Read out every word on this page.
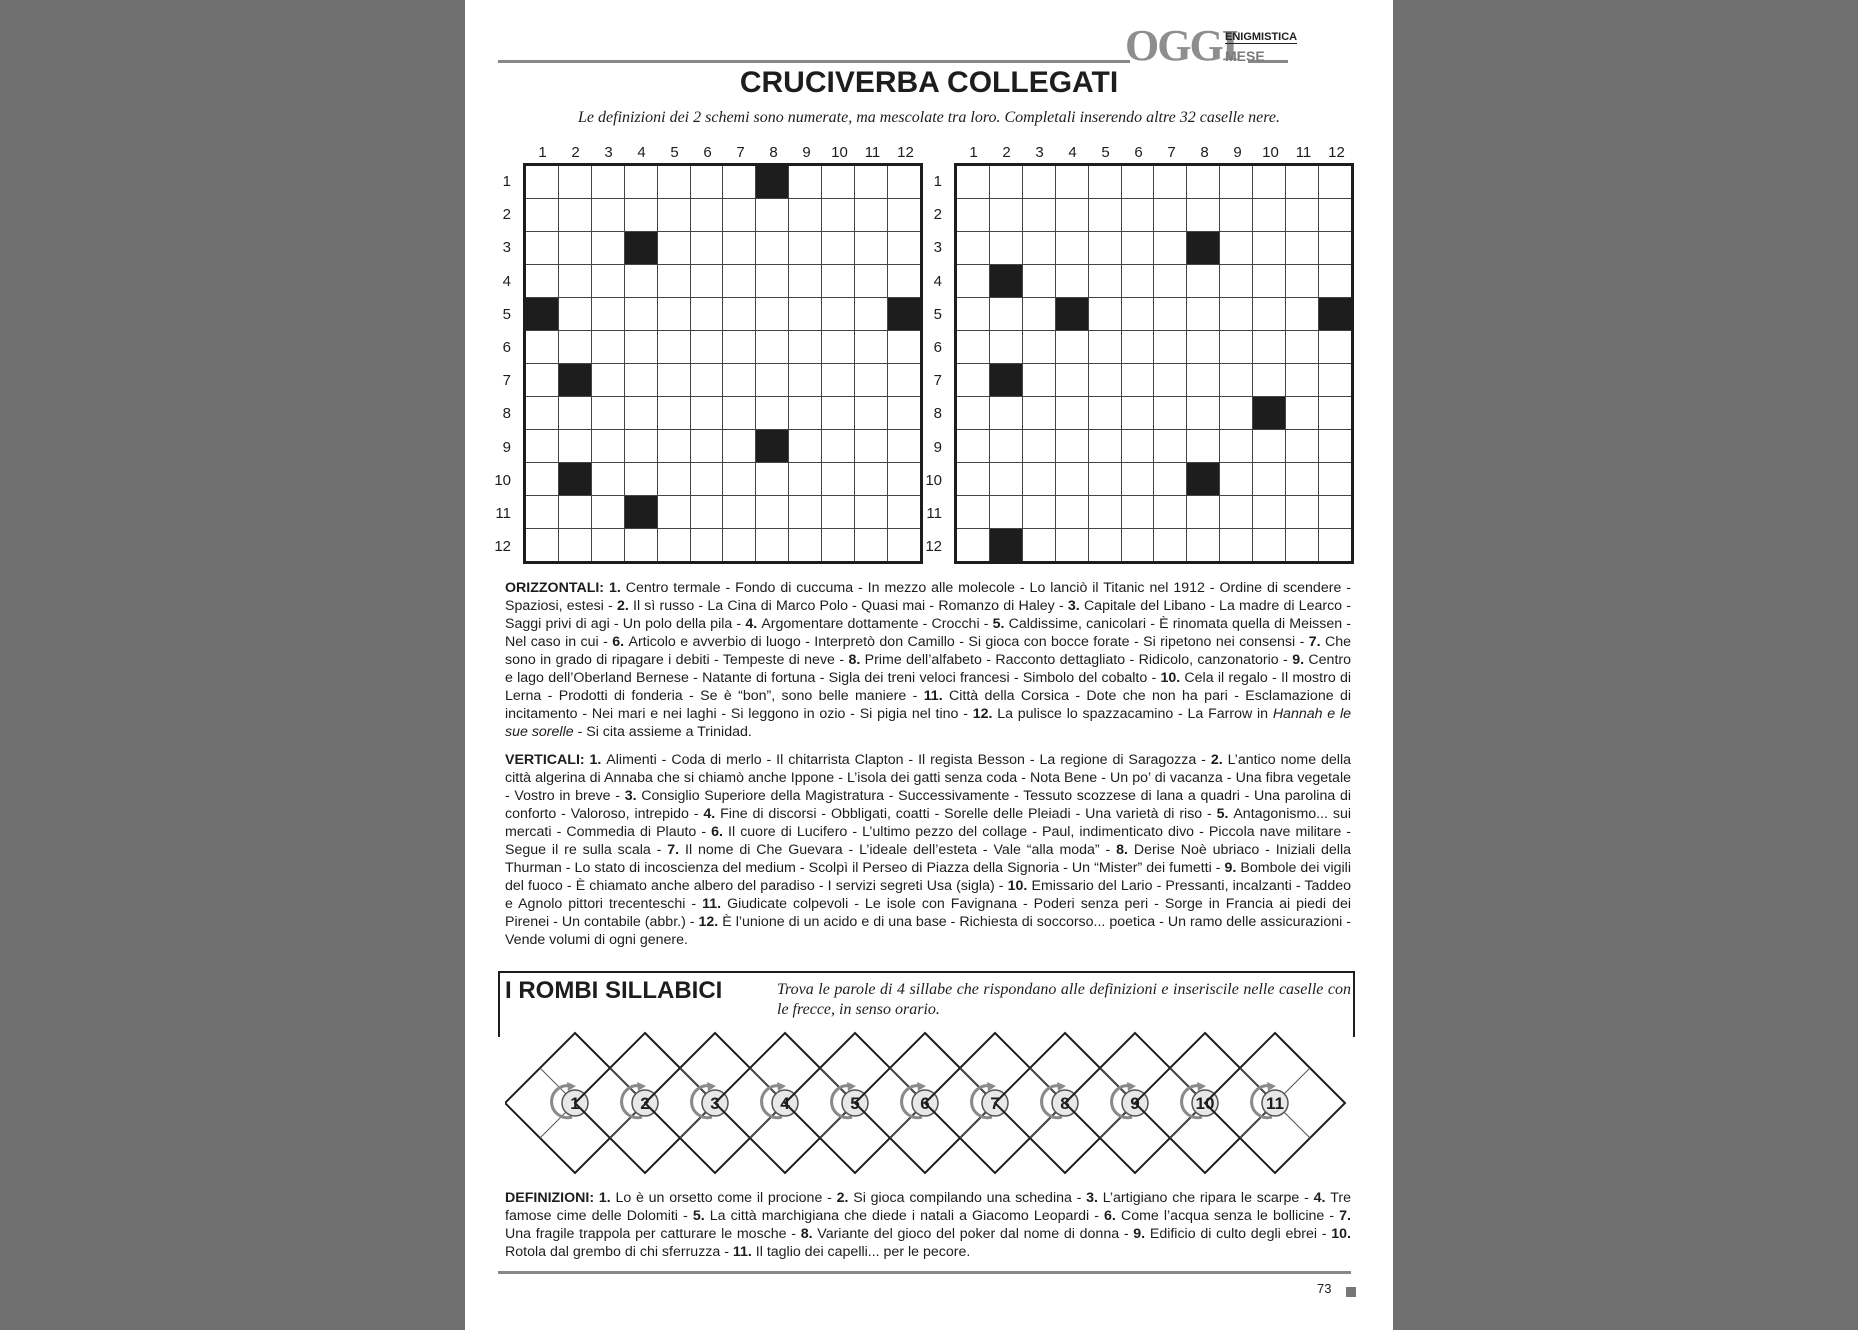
OGGI
ENIGMISTICA
MESE
CRUCIVERBA COLLEGATI
Le definizioni dei 2 schemi sono numerate, ma mescolate tra loro. Completali inserendo altre 32 caselle nere.
1	2	3	4	5	6	7	8	9	10	11	12
1
2
3
4
5
6
7
8
9
10
11
12

1	2	3	4	5	6	7	8	9	10	11	12
1
2
3
4
5
6
7
8
9
10
11
12

ORIZZONTALI: 1. Centro termale - Fondo di cuccuma - In mezzo alle molecole - Lo lanciò il Titanic nel 1912 - Ordine di scendere - Spaziosi, estesi - 2. Il sì russo - La Cina di Marco Polo - Quasi mai - Romanzo di Haley - 3. Capitale del Libano - La madre di Learco - Saggi privi di agi - Un polo della pila - 4. Argomentare dottamente - Crocchi - 5. Caldissime, canicolari - È rinomata quella di Meissen - Nel caso in cui - 6. Articolo e avverbio di luogo - Interpretò don Camillo - Si gioca con bocce forate - Si ripetono nei consensi - 7. Che sono in grado di ripagare i debiti - Tempeste di neve - 8. Prime dell’alfabeto - Racconto dettagliato - Ridicolo, canzonatorio - 9. Centro e lago dell’Oberland Bernese - Natante di fortuna - Sigla dei treni veloci francesi - Simbolo del cobalto - 10. Cela il regalo - Il mostro di Lerna - Prodotti di fonderia - Se è “bon”, sono belle maniere - 11. Città della Corsica - Dote che non ha pari - Esclamazione di incitamento - Nei mari e nei laghi - Si leggono in ozio - Si pigia nel tino - 12. La pulisce lo spazzacamino - La Farrow in Hannah e le sue sorelle - Si cita assieme a Trinidad.
VERTICALI: 1. Alimenti - Coda di merlo - Il chitarrista Clapton - Il regista Besson - La regione di Saragozza - 2. L’antico nome della città algerina di Annaba che si chiamò anche Ippone - L’isola dei gatti senza coda - Nota Bene - Un po’ di vacanza - Una fibra vegetale - Vostro in breve - 3. Consiglio Superiore della Magistratura - Successivamente - Tessuto scozzese di lana a quadri - Una parolina di conforto - Valoroso, intrepido - 4. Fine di discorsi - Obbligati, coatti - Sorelle delle Pleiadi - Una varietà di riso - 5. Antagonismo... sui mercati - Commedia di Plauto - 6. Il cuore di Lucifero - L’ultimo pezzo del collage - Paul, indimenticato divo - Piccola nave militare - Segue il re sulla scala - 7. Il nome di Che Guevara - L’ideale dell’esteta - Vale “alla moda” - 8. Derise Noè ubriaco - Iniziali della Thurman - Lo stato di incoscienza del medium - Scolpì il Perseo di Piazza della Signoria - Un “Mister” dei fumetti - 9. Bombole dei vigili del fuoco - È chiamato anche albero del paradiso - I servizi segreti Usa (sigla) - 10. Emissario del Lario - Pressanti, incalzanti - Taddeo e Agnolo pittori trecenteschi - 11. Giudicate colpevoli - Le isole con Favignana - Poderi senza peri - Sorge in Francia ai piedi dei Pirenei - Un contabile (abbr.) - 12. È l’unione di un acido e di una base - Richiesta di soccorso... poetica - Un ramo delle assicurazioni - Vende volumi di ogni genere.
I ROMBI SILLABICI	Trova le parole di 4 sillabe che rispondano alle definizioni e inseriscile nelle caselle con le frecce, in senso orario.
1	2	3	4	5	6	7	8	9	10	11
DEFINIZIONI: 1. Lo è un orsetto come il procione - 2. Si gioca compilando una schedina - 3. L’artigiano che ripara le scarpe - 4. Tre famose cime delle Dolomiti - 5. La città marchigiana che diede i natali a Giacomo Leopardi - 6. Come l’acqua senza le bollicine - 7. Una fragile trappola per catturare le mosche - 8. Variante del gioco del poker dal nome di donna - 9. Edificio di culto degli ebrei - 10. Rotola dal grembo di chi sferruzza - 11. Il taglio dei capelli... per le pecore.
73
